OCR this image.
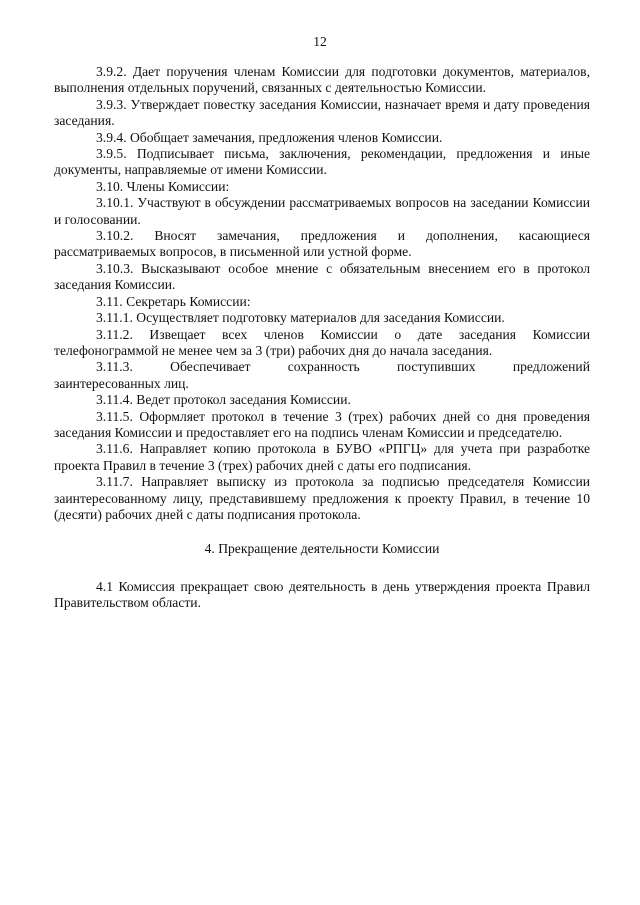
12

3.9.2. Дает поручения членам Комиссии для подготовки документов, материалов, выполнения отдельных поручений, связанных с деятельностью Комиссии.

3.9.3. Утверждает повестку заседания Комиссии, назначает время и дату проведения заседания.

3.9.4. Обобщает замечания, предложения членов Комиссии.

3.9.5. Подписывает письма, заключения, рекомендации, предложения и иные документы, направляемые от имени Комиссии.

3.10. Члены Комиссии:

3.10.1. Участвуют в обсуждении рассматриваемых вопросов на заседании Комиссии и голосовании.

3.10.2. Вносят замечания, предложения и дополнения, касающиеся рассматриваемых вопросов, в письменной или устной форме.

3.10.3. Высказывают особое мнение с обязательным внесением его в протокол заседания Комиссии.

3.11. Секретарь Комиссии:

3.11.1. Осуществляет подготовку материалов для заседания Комиссии.

3.11.2. Извещает всех членов Комиссии о дате заседания Комиссии телефонограммой не менее чем за 3 (три) рабочих дня до начала заседания.

3.11.3.	Обеспечивает	сохранность	поступивших	предложений

заинтересованных лиц.

3.11.4. Ведет протокол заседания Комиссии.

3.11.5. Оформляет протокол в течение 3 (трех) рабочих дней со дня проведения заседания Комиссии и предоставляет его на подпись членам Комиссии и председателю.

3.11.6. Направляет копию протокола в БУВО «РПГЦ» для учета при разработке проекта Правил в течение 3 (трех) рабочих дней с даты его подписания.

3.11.7. Направляет выписку из протокола за подписью председателя Комиссии заинтересованному лицу, представившему предложения к проекту Правил, в течение 10 (десяти) рабочих дней с даты подписания протокола.

4. Прекращение деятельности Комиссии

4.1 Комиссия прекращает свою деятельность в день утверждения проекта Правил Правительством области.
